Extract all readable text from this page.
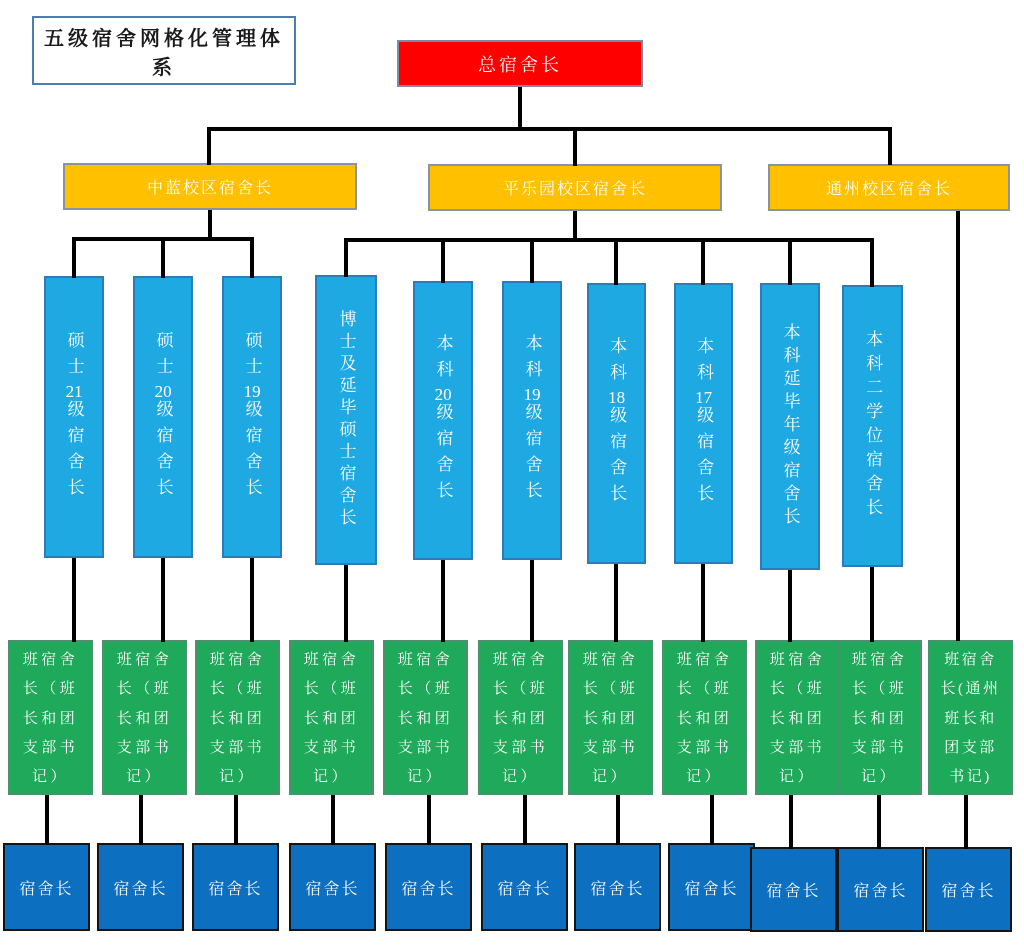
五级宿舍网格化管理体系	总宿舍长
中蓝校区宿舍长	平乐园校区宿舍长	通州校区宿舍长
硕士21级宿舍长
硕士20级宿舍长
硕士19级宿舍长	博士及延毕硕士宿舍长	本科20级宿舍长
本科19级宿舍长
本科18级宿舍长
本科17级宿舍长	本科延毕年级宿舍长	本科二学位宿舍长
班宿舍长（班长和团支部书记）
班宿舍长（班长和团支部书记）
班宿舍长（班长和团支部书记）
班宿舍长（班长和团支部书记）
班宿舍长（班长和团支部书记）
班宿舍长（班长和团支部书记）
班宿舍长（班长和团支部书记）
班宿舍长（班长和团支部书记）
班宿舍长（班长和团支部书记）
班宿舍长（班长和团支部书记）
班宿舍长(通州班长和团支部书记)
宿舍长 宿舍长	宿舍长	宿舍长	宿舍长	宿舍长 宿舍长 宿舍长 宿舍长 宿舍长 宿舍长
